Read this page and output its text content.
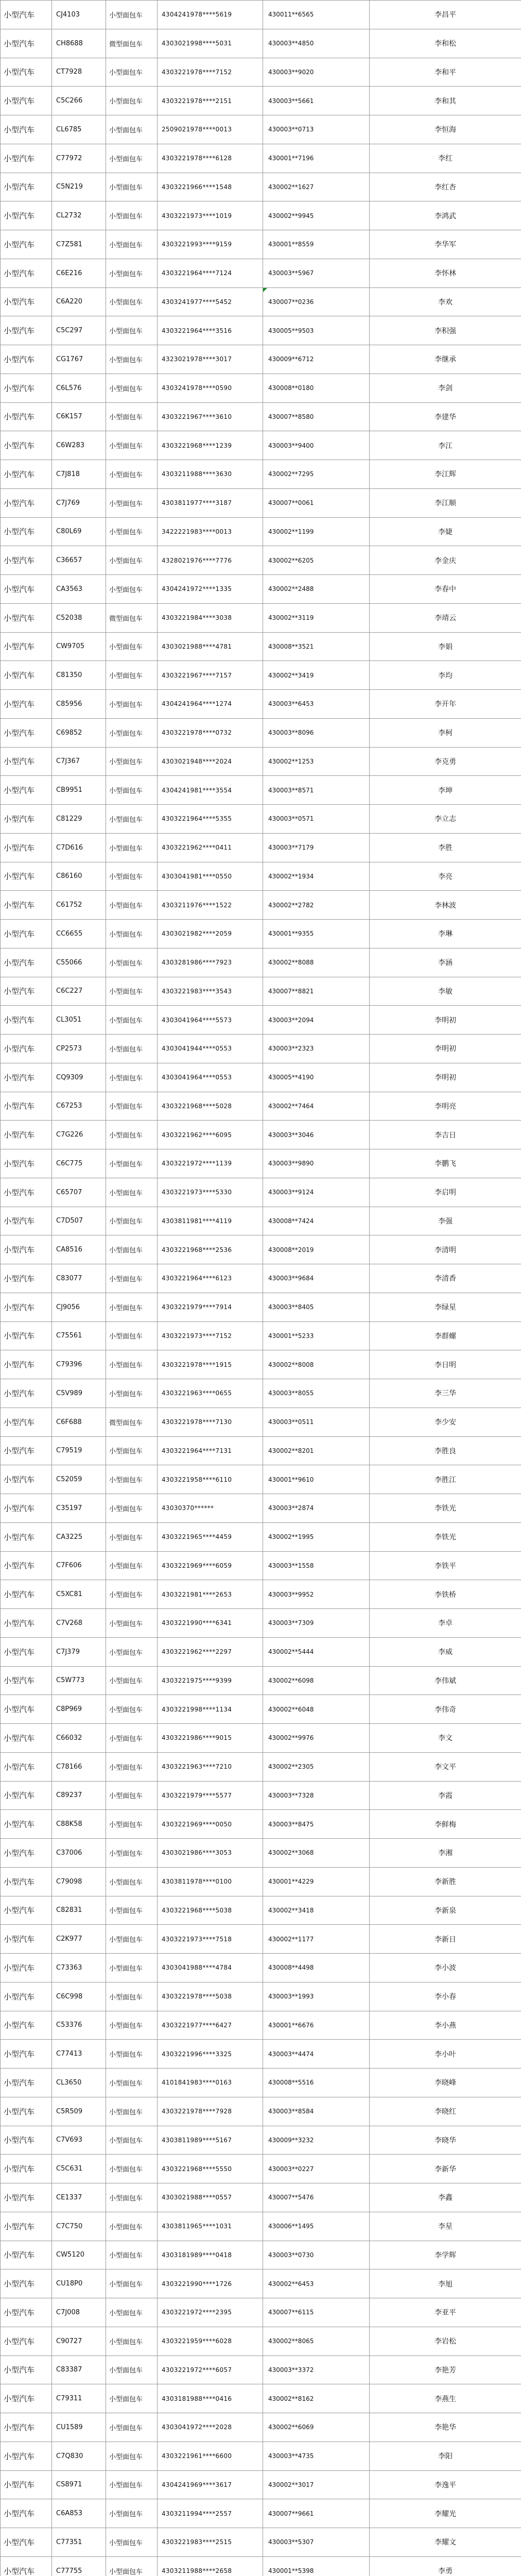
小型汽车	CJ4103	小型面包车	4304241978****5619	430011**6565	李昌平
小型汽车	CH8688	微型面包车	4303021998****5031	430003**4850	李和松
小型汽车	CT7928	小型面包车	4303221978****7152	430003**9020	李和平
小型汽车	C5C266	小型面包车	4303221978****2151	430003**5661	李和其
小型汽车	CL6785	小型面包车	2509021978****0013	430003**0713	李恒海
小型汽车	C77972	小型面包车	4303221978****6128	430001**7196	李红
小型汽车	C5N219	小型面包车	4303221966****1548	430002**1627	李红杏
小型汽车	CL2732	小型面包车	4303221973****1019	430002**9945	李鸿武
小型汽车	C7Z581	小型面包车	4303221993****9159	430001**8559	李华军
小型汽车	C6E216	小型面包车	4303221964****7124	430003**5967	李怀林
小型汽车	C6A220	小型面包车	4303241977****5452	430007**0236	李欢
小型汽车	C5C297	小型面包车	4303221964****3516	430005**9503	李积强
小型汽车	CG1767	小型面包车	4323021978****3017	430009**6712	李继承
小型汽车	C6L576	小型面包车	4303241978****0590	430008**0180	李剑
小型汽车	C6K157	小型面包车	4303221967****3610	430007**8580	李建华
小型汽车	C6W283	小型面包车	4303221968****1239	430003**9400	李江
小型汽车	C7J818	小型面包车	4303211988****3630	430002**7295	李江辉
小型汽车	C7J769	小型面包车	4303811977****3187	430007**0061	李江顺
小型汽车	C80L69	小型面包车	3422221983****0013	430002**1199	李婕
小型汽车	C36657	小型面包车	4328021976****7776	430002**6205	李金庆
小型汽车	CA3563	小型面包车	4304241972****1335	430002**2488	李春中
小型汽车	C52038	微型面包车	4303221984****3038	430002**3119	李靖云
小型汽车	CW9705	小型面包车	4303021988****4781	430008**3521	李娟
小型汽车	C81350	小型面包车	4303221967****7157	430002**3419	李均
小型汽车	C85956	小型面包车	4304241964****1274	430003**6453	李开年
小型汽车	C69852	小型面包车	4303221978****0732	430003**8096	李柯
小型汽车	C7J367	小型面包车	4303021948****2024	430002**1253	李克勇
小型汽车	CB9951	小型面包车	4304241981****3554	430003**8571	李坤
小型汽车	C81229	小型面包车	4303221964****5355	430003**0571	李立志
小型汽车	C7D616	小型面包车	4303221962****0411	430003**7179	李胜
小型汽车	C86160	小型面包车	4303041981****0550	430002**1934	李亮
小型汽车	C61752	小型面包车	4303211976****1522	430002**2782	李林波
小型汽车	CC6655	小型面包车	4303021982****2059	430001**9355	李琳
小型汽车	C55066	小型面包车	4303281986****7923	430002**8088	李涵
小型汽车	C6C227	小型面包车	4303221983****3543	430007**8821	李敏
小型汽车	CL3051	小型面包车	4303041964****5573	430003**2094	李明初
小型汽车	CP2573	小型面包车	4303041944****0553	430003**2323	李明初
小型汽车	CQ9309	小型面包车	4303041964****0553	430005**4190	李明初
小型汽车	C67253	小型面包车	4303221968****5028	430002**7464	李明亮
小型汽车	C7G226	小型面包车	4303221962****6095	430003**3046	李吉日
小型汽车	C6C775	小型面包车	4303221972****1139	430003**9890	李鹏飞
小型汽车	C65707	小型面包车	4303221973****5330	430003**9124	李启明
小型汽车	C7D507	小型面包车	4303811981****4119	430008**7424	李强
小型汽车	CA8516	小型面包车	4303221968****2536	430008**2019	李清明
小型汽车	C83077	小型面包车	4303221964****6123	430003**9684	李清香
小型汽车	CJ9056	小型面包车	4303221979****7914	430003**8405	李绿星
小型汽车	C75561	小型面包车	4303221973****7152	430001**5233	李群螺
小型汽车	C79396	小型面包车	4303221978****1915	430002**8008	李日明
小型汽车	C5V989	小型面包车	4303221963****0655	430003**8055	李三华
小型汽车	C6F688	微型面包车	4303221978****7130	430003**0511	李少安
小型汽车	C79519	小型面包车	4303221964****7131	430002**8201	李胜良
小型汽车	C52059	小型面包车	4303221958****6110	430001**9610	李胜江
小型汽车	C35197	小型面包车	43030370******	430003**2874	李铁光
小型汽车	CA3225	小型面包车	4303221965****4459	430002**1995	李铁光
小型汽车	C7F606	小型面包车	4303221969****6059	430003**1558	李铁平
小型汽车	C5XC81	小型面包车	4303221981****2653	430003**9952	李铁桥
小型汽车	C7V268	小型面包车	4303221990****6341	430003**7309	李卓
小型汽车	C7J379	小型面包车	4303221962****2297	430002**5444	李威
小型汽车	C5W773	小型面包车	4303221975****9399	430002**6098	李伟斌
小型汽车	C8P969	小型面包车	4303221998****1134	430002**6048	李伟奇
小型汽车	C66032	小型面包车	4303221986****9015	430002**9976	李文
小型汽车	C78166	小型面包车	4303221963****7210	430002**2305	李文平
小型汽车	C89237	小型面包车	4303221979****5577	430003**7328	李霞
小型汽车	C88K58	小型面包车	4303221969****0050	430003**8475	李鲜梅
小型汽车	C37006	小型面包车	4303021986****3053	430002**3068	李湘
小型汽车	C79098	小型面包车	4303811978****0100	430001**4229	李新胜
小型汽车	C82831	小型面包车	4303221968****5038	430002**3418	李新泉
小型汽车	C2K977	小型面包车	4303221973****7518	430002**1177	李新日
小型汽车	C73363	小型面包车	4303041988****4784	430008**4498	李小波
小型汽车	C6C998	小型面包车	4303221978****5038	430003**1993	李小春
小型汽车	C53376	小型面包车	4303221977****6427	430001**6676	李小燕
小型汽车	C77413	小型面包车	4303221996****3325	430003**4474	李小叶
小型汽车	CL3650	小型面包车	4101841983****0163	430008**5516	李晓峰
小型汽车	C5R509	小型面包车	4303221978****7928	430003**8584	李晓红
小型汽车	C7V693	小型面包车	4303811989****5167	430009**3232	李晓华
小型汽车	C5C631	小型面包车	4303221968****5550	430003**0227	李新华
小型汽车	CE1337	小型面包车	4303021988****0557	430007**5476	李鑫
小型汽车	C7C750	小型面包车	4303811965****1031	430006**1495	李星
小型汽车	CW5120	小型面包车	4303181989****0418	430003**0730	李学辉
小型汽车	CU18P0	小型面包车	4303221990****1726	430002**6453	李旭
小型汽车	C7J008	小型面包车	4303221972****2395	430007**6115	李亚平
小型汽车	C90727	小型面包车	4303221959****6028	430002**8065	李岩松
小型汽车	C83387	小型面包车	4303221972****6057	430003**3372	李艳芳
小型汽车	C79311	小型面包车	4303181988****0416	430002**8162	李燕生
小型汽车	CU1589	小型面包车	4303041972****2028	430002**6069	李艳华
小型汽车	C7Q830	小型面包车	4303221961****6600	430003**4735	李阳
小型汽车	CS8971	小型面包车	4304241969****3617	430002**3017	李逸平
小型汽车	C6A853	小型面包车	4303211994****2557	430007**9661	李耀光
小型汽车	C77351	小型面包车	4303221983****2515	430003**5307	李耀文
小型汽车	C77755	小型面包车	4303211988****2658	430001**5398	李勇
